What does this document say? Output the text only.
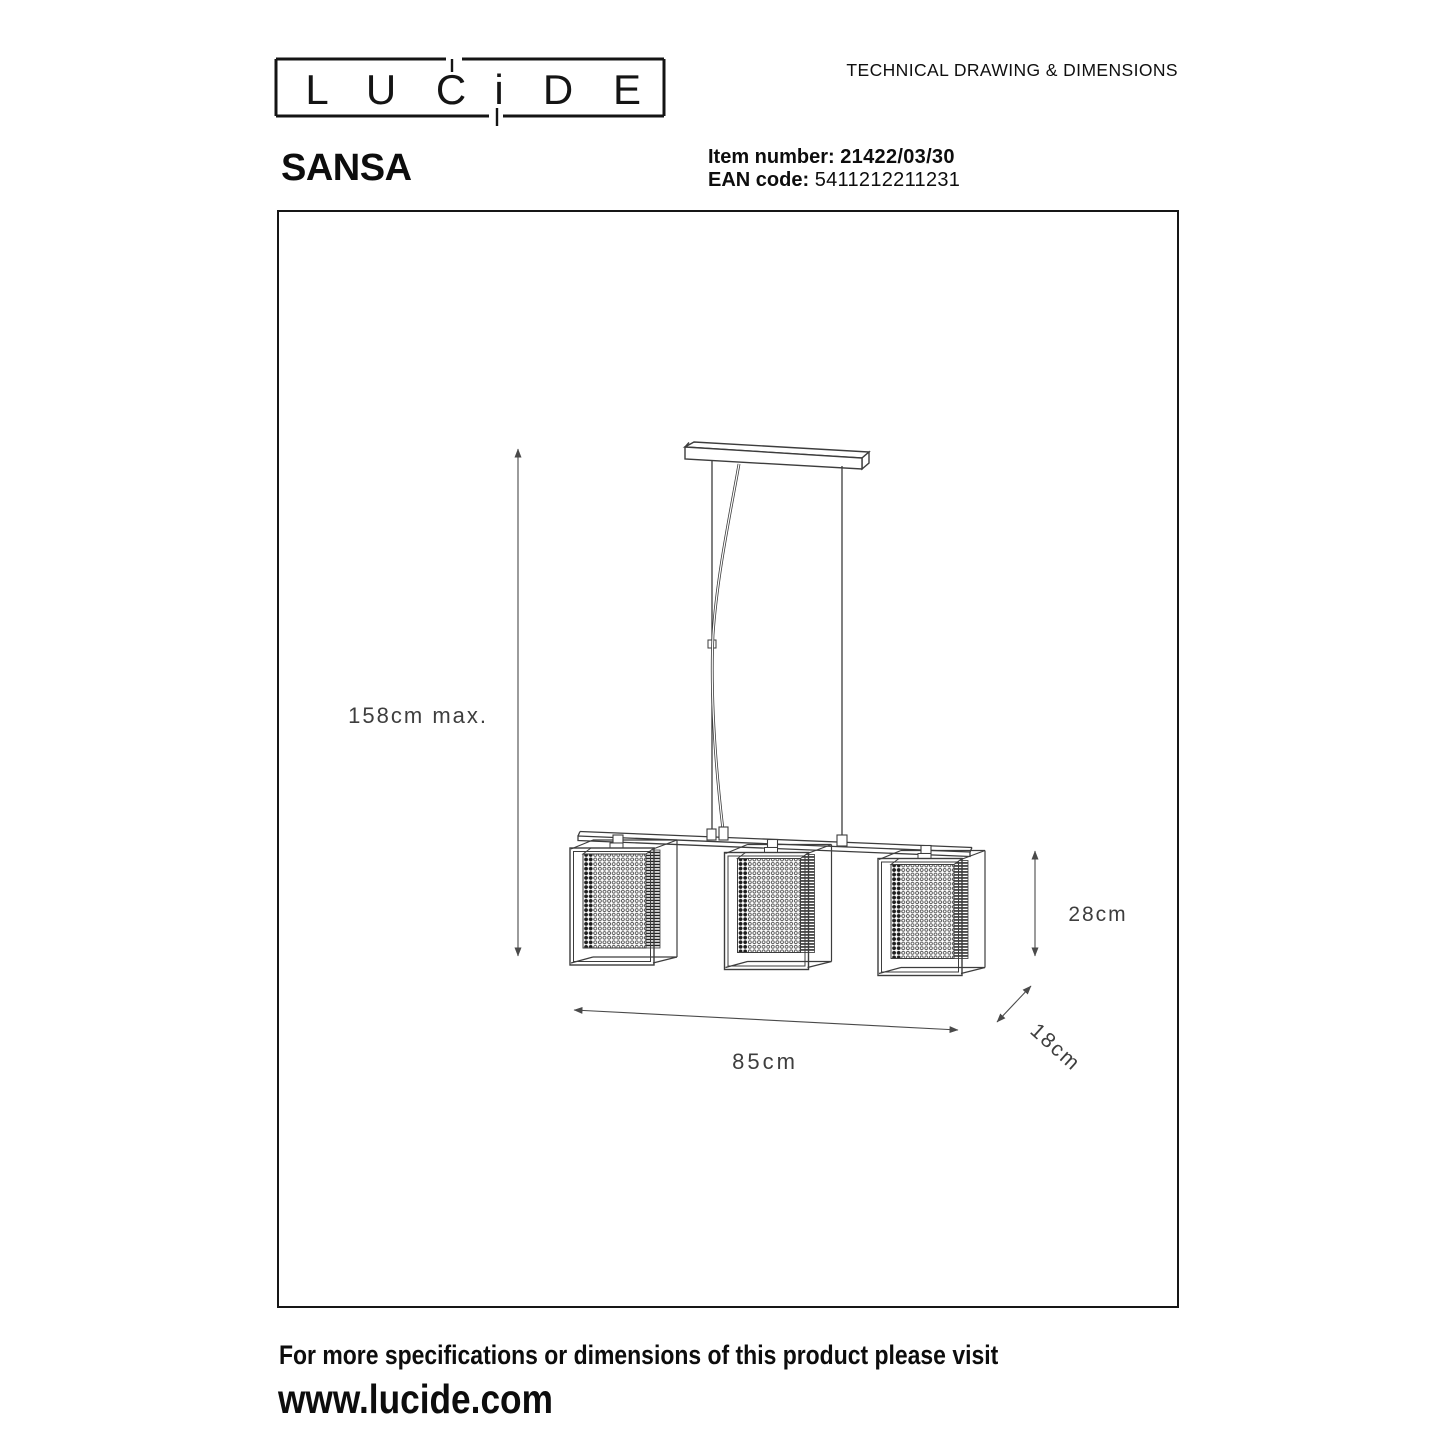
L U C i D E
SANSA
TECHNICAL DRAWING & DIMENSIONS
Item number: 21422/03/30
EAN code: 5411212211231
158cm max.
85cm
28cm
18cm
For more specifications or dimensions of this product please visit
www.lucide.com
